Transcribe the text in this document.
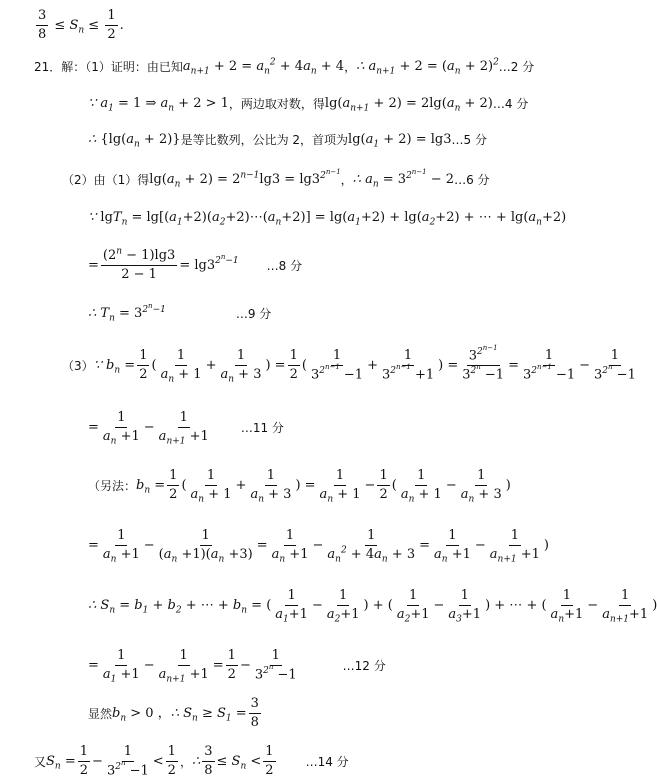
$\frac{3}{8} \le S_n \le \frac{1}{2}$ .
21．解：（1）证明：由已知 $a_{n+1} + 2 = a_n^2 + 4a_n + 4$ ， ∴ $a_{n+1} + 2 = (a_n + 2)^2$ …2 分
∵ $a_1 = 1$ ⇒ $a_n + 2 > 1$ ，两边取对数，得 $\lg(a_{n+1} + 2) = 2\lg(a_n + 2)$ …4 分
∴ $\{\lg(a_n + 2)\}$ 是等比数列，公比为 2，首项为 $\lg(a_1 + 2) = \lg 3$ …5 分
（2）由（1）得 $\lg(a_n + 2) = 2^{n-1}\lg 3 = \lg 3^{2^{n-1}}$
， ∴ $a_n = 3^{2^{n-1}} - 2$ …6 分
∵ $\lg T_n = \lg[(a_1+2)(a_2+2)\cdots(a_n+2)] = \lg(a_1+2) + \lg(a_2+2)$ + ⋯ + $\lg(a_n+2)$
= $\frac{(2^n - 1)\lg 3}{2 - 1} = \lg 3^{2^n-1}$ …8 分
∴ $T_n = 3^{2^n-1}$	…9 分
（3） ∵ $b_n = \frac{1}{2}$ ( $\frac{1}{a_n + 1} + \frac{1}{a_n + 3}$ ) = $\frac{1}{2}$ ( $\frac{1}{3^{2^{n-1}} -1} + \frac{1}{3^{2^{n-1}} +1}$ ) = $\frac{3^{2^{n-1}}}{3^{2^n} -1} = \frac{1}{3^{2^{n-1}} -1} - \frac{1}{3^{2^n} -1}$
= $\frac{1}{a_n +1} - \frac{1}{a_{n+1} +1}$	…11 分
（另法： $b_n = \frac{1}{2}$ ( $\frac{1}{a_n + 1} + \frac{1}{a_n + 3}$ ) = $\frac{1}{a_n + 1} - \frac{1}{2}$ ( $\frac{1}{a_n + 1} - \frac{1}{a_n + 3}$ )
= $\frac{1}{a_n +1} - \frac{1}{(a_n +1)(a_n +3)} = \frac{1}{a_n +1} - \frac{1}{a_n^2 + 4a_n + 3} = \frac{1}{a_n +1} - \frac{1}{a_{n+1} +1}$ )
∴ $S_n = b_1 + b_2$ + ⋯ + $b_n$ = ( $\frac{1}{a_1+1} - \frac{1}{a_2+1}$ ) + ( $\frac{1}{a_2+1} - \frac{1}{a_3+1}$ ) + ⋯ + ( $\frac{1}{a_n+1} - \frac{1}{a_{n+1}+1}$ )
= $\frac{1}{a_1 +1} - \frac{1}{a_{n+1} +1} = \frac{1}{2} - \frac{1}{3^{2^n} -1}$	…12 分
显然 $b_n > 0$ ，∴ $S_n \ge S_1 = \frac{3}{8}$
又 $S_n = \frac{1}{2} - \frac{1}{3^{2^n} -1} < \frac{1}{2}$ ， ∴ $\frac{3}{8} \le S_n < \frac{1}{2}$	…14 分
